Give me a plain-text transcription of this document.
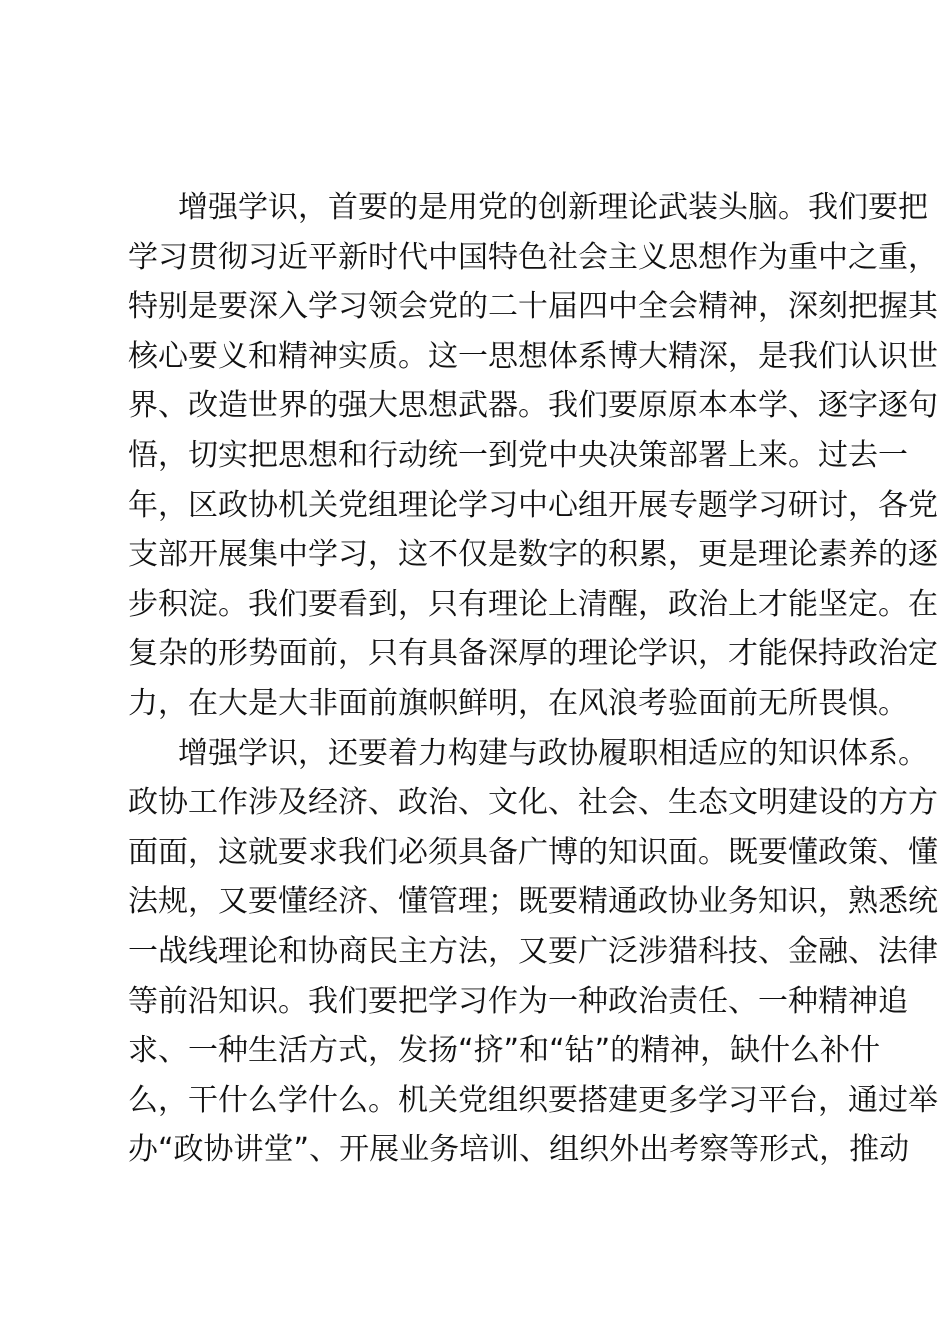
增强学识，首要的是用党的创新理论武装头脑。我们要把
学习贯彻习近平新时代中国特色社会主义思想作为重中之重，
特别是要深入学习领会党的二十届四中全会精神，深刻把握其
核心要义和精神实质。这一思想体系博大精深，是我们认识世
界、改造世界的强大思想武器。我们要原原本本学、逐字逐句
悟，切实把思想和行动统一到党中央决策部署上来。过去一
年，区政协机关党组理论学习中心组开展专题学习研讨，各党
支部开展集中学习，这不仅是数字的积累，更是理论素养的逐
步积淀。我们要看到，只有理论上清醒，政治上才能坚定。在
复杂的形势面前，只有具备深厚的理论学识，才能保持政治定
力，在大是大非面前旗帜鲜明，在风浪考验面前无所畏惧。
增强学识，还要着力构建与政协履职相适应的知识体系。
政协工作涉及经济、政治、文化、社会、生态文明建设的方方
面面，这就要求我们必须具备广博的知识面。既要懂政策、懂
法规，又要懂经济、懂管理；既要精通政协业务知识，熟悉统
一战线理论和协商民主方法，又要广泛涉猎科技、金融、法律
等前沿知识。我们要把学习作为一种政治责任、一种精神追
求、一种生活方式，发扬“挤”和“钻”的精神，缺什么补什
么，干什么学什么。机关党组织要搭建更多学习平台，通过举
办“政协讲堂”、开展业务培训、组织外出考察等形式，推动
